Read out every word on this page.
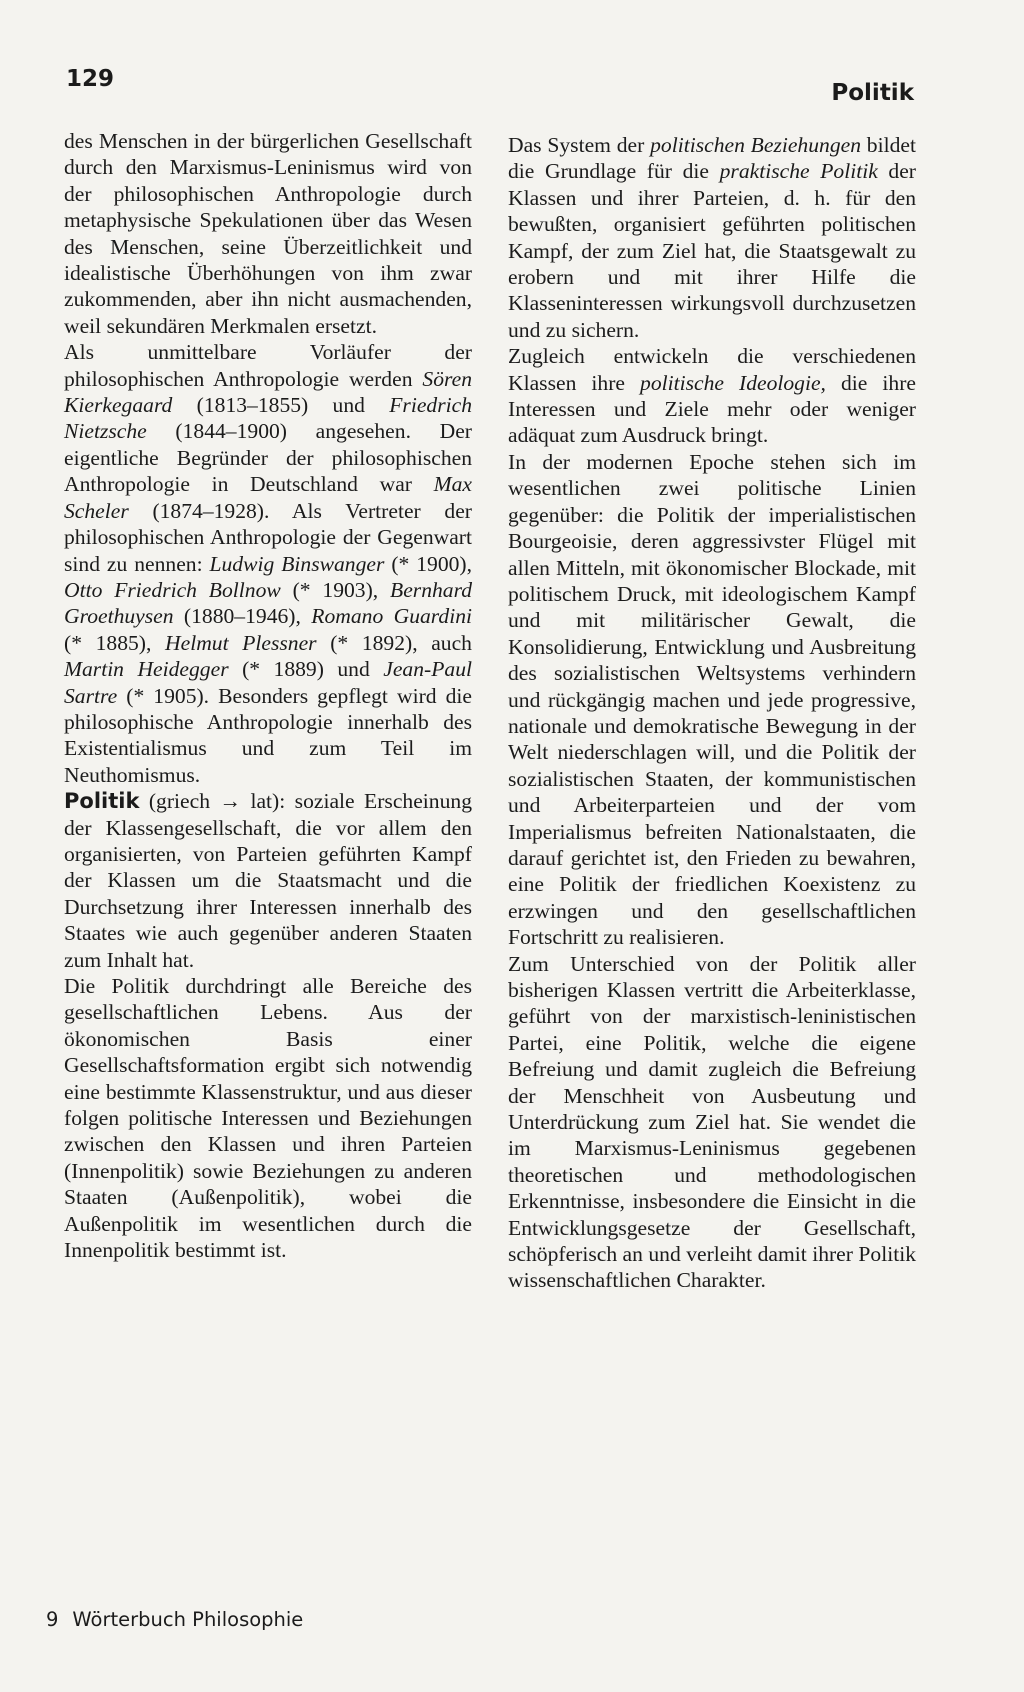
129
Politik

des Menschen in der bürgerlichen Gesellschaft durch den Marxismus-Leninismus wird von der philosophischen Anthropologie durch metaphysische Spekulationen über das Wesen des Menschen, seine Überzeitlichkeit und idealistische Überhöhungen von ihm zwar zukommenden, aber ihn nicht ausmachenden, weil sekundären Merkmalen ersetzt.

Als unmittelbare Vorläufer der philosophischen Anthropologie werden Sören Kierkegaard (1813–1855) und Friedrich Nietzsche (1844–1900) angesehen. Der eigentliche Begründer der philosophischen Anthropologie in Deutschland war Max Scheler (1874–1928). Als Vertreter der philosophischen Anthropologie der Gegenwart sind zu nennen: Ludwig Binswanger (* 1900), Otto Friedrich Bollnow (* 1903), Bernhard Groethuysen (1880–1946), Romano Guardini (* 1885), Helmut Plessner (* 1892), auch Martin Heidegger (* 1889) und Jean-Paul Sartre (* 1905). Besonders gepflegt wird die philosophische Anthropologie innerhalb des Existentialismus und zum Teil im Neuthomismus.

Politik (griech → lat): soziale Erscheinung der Klassengesellschaft, die vor allem den organisierten, von Parteien geführten Kampf der Klassen um die Staatsmacht und die Durchsetzung ihrer Interessen innerhalb des Staates wie auch gegenüber anderen Staaten zum Inhalt hat.

Die Politik durchdringt alle Bereiche des gesellschaftlichen Lebens. Aus der ökonomischen Basis einer Gesellschaftsformation ergibt sich notwendig eine bestimmte Klassenstruktur, und aus dieser folgen politische Interessen und Beziehungen zwischen den Klassen und ihren Parteien (Innenpolitik) sowie Beziehungen zu anderen Staaten (Außenpolitik), wobei die Außenpolitik im wesentlichen durch die Innenpolitik bestimmt ist.

Das System der politischen Beziehungen bildet die Grundlage für die praktische Politik der Klassen und ihrer Parteien, d. h. für den bewußten, organisiert geführten politischen Kampf, der zum Ziel hat, die Staatsgewalt zu erobern und mit ihrer Hilfe die Klasseninteressen wirkungsvoll durchzusetzen und zu sichern.

Zugleich entwickeln die verschiedenen Klassen ihre politische Ideologie, die ihre Interessen und Ziele mehr oder weniger adäquat zum Ausdruck bringt.

In der modernen Epoche stehen sich im wesentlichen zwei politische Linien gegenüber: die Politik der imperialistischen Bourgeoisie, deren aggressivster Flügel mit allen Mitteln, mit ökonomischer Blockade, mit politischem Druck, mit ideologischem Kampf und mit militärischer Gewalt, die Konsolidierung, Entwicklung und Ausbreitung des sozialistischen Weltsystems verhindern und rückgängig machen und jede progressive, nationale und demokratische Bewegung in der Welt niederschlagen will, und die Politik der sozialistischen Staaten, der kommunistischen und Arbeiterparteien und der vom Imperialismus befreiten Nationalstaaten, die darauf gerichtet ist, den Frieden zu bewahren, eine Politik der friedlichen Koexistenz zu erzwingen und den gesellschaftlichen Fortschritt zu realisieren.

Zum Unterschied von der Politik aller bisherigen Klassen vertritt die Arbeiterklasse, geführt von der marxistisch-leninistischen Partei, eine Politik, welche die eigene Befreiung und damit zugleich die Befreiung der Menschheit von Ausbeutung und Unterdrückung zum Ziel hat. Sie wendet die im Marxismus-Leninismus gegebenen theoretischen und methodologischen Erkenntnisse, insbesondere die Einsicht in die Entwicklungsgesetze der Gesellschaft, schöpferisch an und verleiht damit ihrer Politik wissenschaftlichen Charakter.

9 Wörterbuch Philosophie
